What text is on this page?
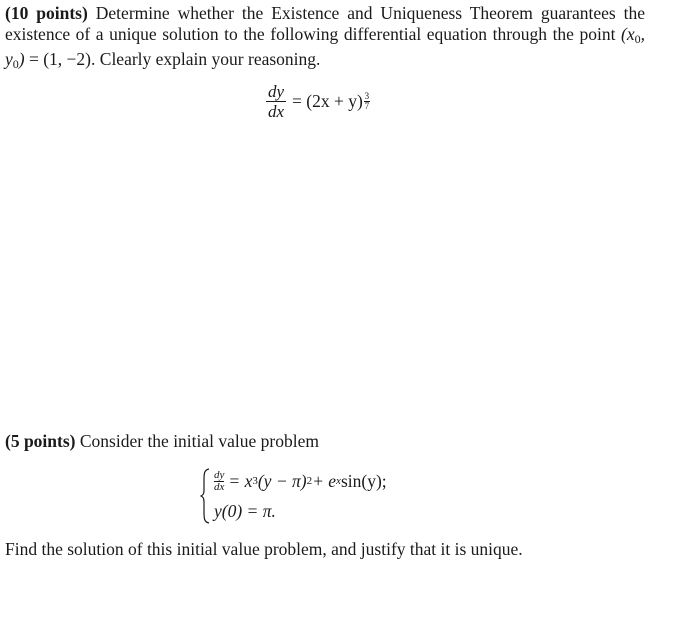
(10 points) Determine whether the Existence and Uniqueness Theorem guarantees the existence of a unique solution to the following differential equation through the point ($x_0$, $y_0) = (1$, −2). Clearly explain your reasoning.
$\frac{dy}{dx} = (2x + y) \frac{3}{7}$
(5 points) Consider the initial value problem
dy
dx = x 3 (y − π) 2 + e x sin(y);
y(0) = π.
Find the solution of this initial value problem, and justify that it is unique.
